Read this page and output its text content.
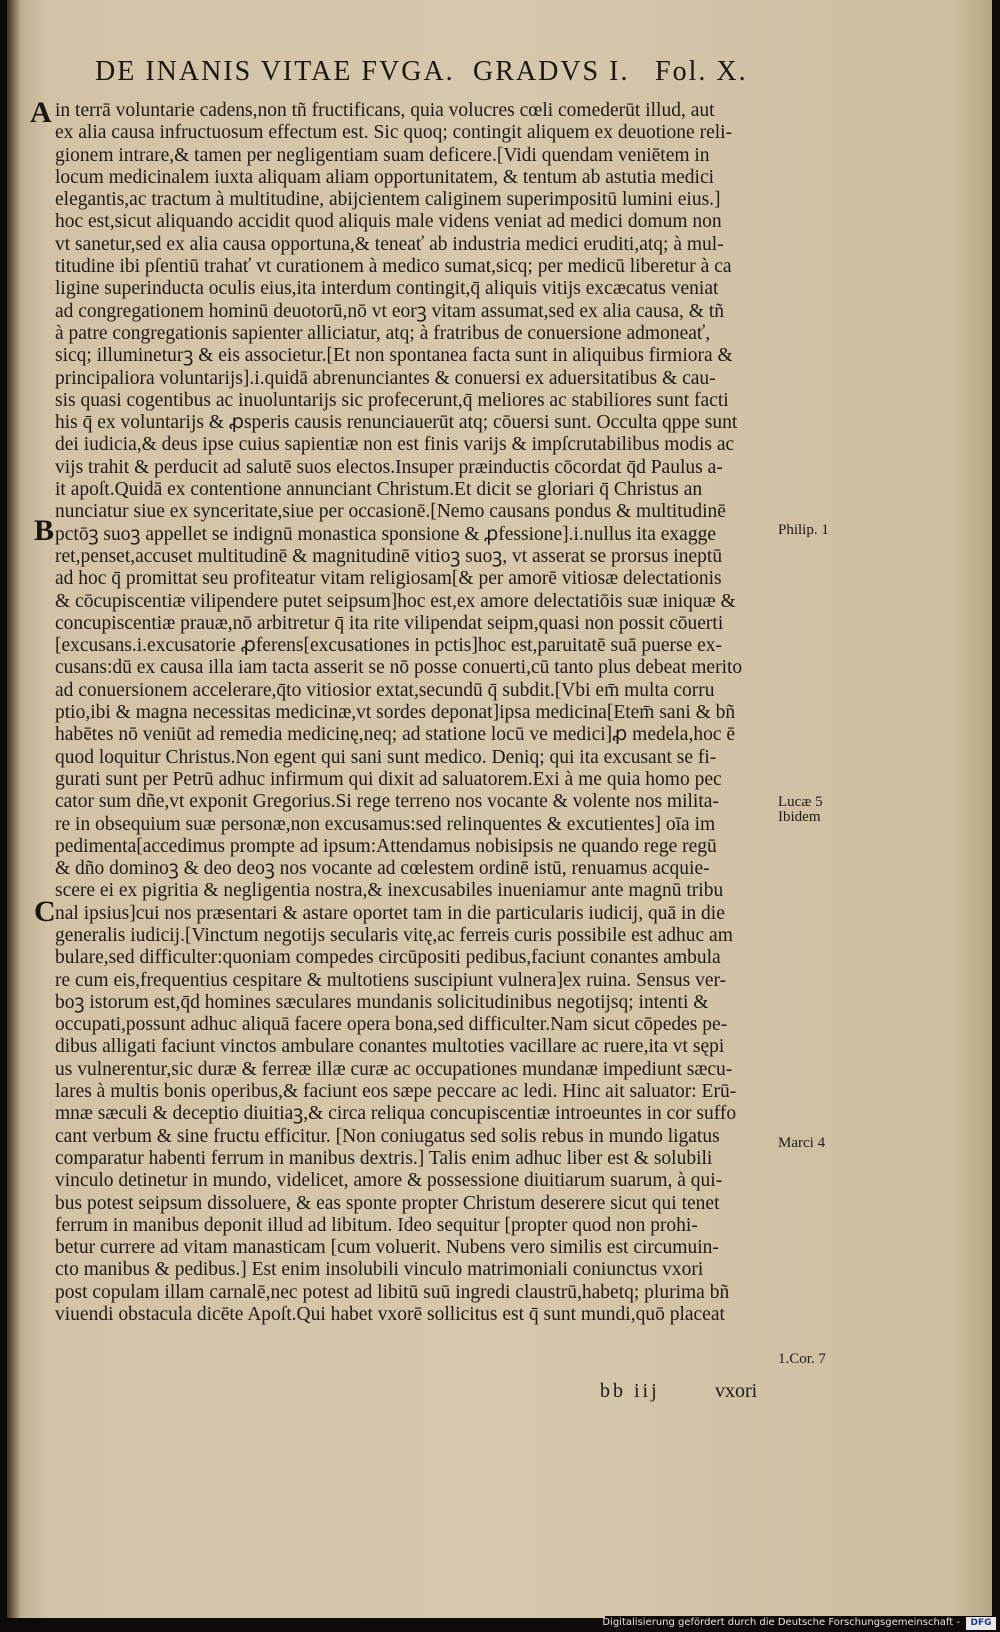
DE INANIS VITAE FVGA. GRADVS I. Fol. X.
A
B
C
in terrā voluntarie cadens,non tñ fructificans, quia volucres cœli comederūt illud, aut
ex alia causa infructuosum effectum est. Sic quoq; contingit aliquem ex deuotione reli-
gionem intrare,& tamen per negligentiam suam deficere.[Vidi quendam veniētem in
locum medicinalem iuxta aliquam aliam opportunitatem, & tentum ab astutia medici
elegantis,ac tractum à multitudine, abijcientem caliginem superimpositū lumini eius.]
hoc est,sicut aliquando accidit quod aliquis male videns veniat ad medici domum non
vt sanetur,sed ex alia causa opportuna,& teneať ab industria medici eruditi,atq; à mul-
titudine ibi pſentiū trahať vt curationem à medico sumat,sicq; per medicū liberetur à ca
ligine superinducta oculis eius,ita interdum contingit,q̄ aliquis vitijs excæcatus veniat
ad congregationem hominū deuotorū,nō vt eorꝫ vitam assumat,sed ex alia causa, & tñ
à patre congregationis sapienter alliciatur, atq; à fratribus de conuersione admoneať,
sicq; illumineturꝫ & eis associetur.[Et non spontanea facta sunt in aliquibus firmiora &
principaliora voluntarijs].i.quidā abrenunciantes & conuersi ex aduersitatibus & cau-
sis quasi cogentibus ac inuoluntarijs sic profecerunt,q̄ meliores ac stabiliores sunt facti
his q̄ ex voluntarijs & ꝓsperis causis renunciauerūt atq; cōuersi sunt. Occulta qppe sunt
dei iudicia,& deus ipse cuius sapientiæ non est finis varijs & impſcrutabilibus modis ac
vijs trahit & perducit ad salutē suos electos.Insuper præinductis cōcordat q̄d Paulus a-
it apoſt.Quidā ex contentione annunciant Christum.Et dicit se gloriari q̄ Christus an
nunciatur siue ex synceritate,siue per occasionē.[Nemo causans pondus & multitudinē
pctōꝫ suoꝫ appellet se indignū monastica sponsione & ꝓfessione].i.nullus ita exagge
ret,penset,accuset multitudinē & magnitudinē vitioꝫ suoꝫ, vt asserat se prorsus ineptū
ad hoc q̄ promittat seu profiteatur vitam religiosam[& per amorē vitiosæ delectationis
& cōcupiscentiæ vilipendere putet seipsum]hoc est,ex amore delectatiōis suæ iniquæ &
concupiscentiæ prauæ,nō arbitretur q̄ ita rite vilipendat seipm,quasi non possit cōuerti
[excusans.i.excusatorie ꝓferens[excusationes in pctis]hoc est,paruitatē suā puerse ex-
cusans:dū ex causa illa iam tacta asserit se nō posse conuerti,cū tanto plus debeat merito
ad conuersionem accelerare,q̄to vitiosior extat,secundū q̄ subdit.[Vbi em̄ multa corru
ptio,ibi & magna necessitas medicinæ,vt sordes deponat]ipsa medicina[Etem̄ sani & bñ
habētes nō veniūt ad remedia medicinę,neq; ad statione locū ve medici]ꝓ medela,hoc ē
quod loquitur Christus.Non egent qui sani sunt medico. Deniq; qui ita excusant se fi-
gurati sunt per Petrū adhuc infirmum qui dixit ad saluatorem.Exi à me quia homo pec
cator sum dñe,vt exponit Gregorius.Si rege terreno nos vocante & volente nos milita-
re in obsequium suæ personæ,non excusamus:sed relinquentes & excutientes] oīa im
pedimenta[accedimus prompte ad ipsum:Attendamus nobisipsis ne quando rege regū
& dño dominoꝫ & deo deoꝫ nos vocante ad cœlestem ordinē istū, renuamus acquie-
scere ei ex pigritia & negligentia nostra,& inexcusabiles inueniamur ante magnū tribu
nal ipsius]cui nos præsentari & astare oportet tam in die particularis iudicij, quā in die
generalis iudicij.[Vinctum negotijs secularis vitę,ac ferreis curis possibile est adhuc am
bulare,sed difficulter:quoniam compedes circūpositi pedibus,faciunt conantes ambula
re cum eis,frequentius cespitare & multotiens suscipiunt vulnera]ex ruina. Sensus ver-
boꝫ istorum est,q̄d homines sæculares mundanis solicitudinibus negotijsq; intenti &
occupati,possunt adhuc aliquā facere opera bona,sed difficulter.Nam sicut cōpedes pe-
dibus alligati faciunt vinctos ambulare conantes multoties vacillare ac ruere,ita vt sępi
us vulnerentur,sic duræ & ferreæ illæ curæ ac occupationes mundanæ impediunt sæcu-
lares à multis bonis operibus,& faciunt eos sæpe peccare ac ledi. Hinc ait saluator: Erū-
mnæ sæculi & deceptio diuitiaꝫ,& circa reliqua concupiscentiæ introeuntes in cor suffo
cant verbum & sine fructu efficitur. [Non coniugatus sed solis rebus in mundo ligatus
comparatur habenti ferrum in manibus dextris.] Talis enim adhuc liber est & solubili
vinculo detinetur in mundo, videlicet, amore & possessione diuitiarum suarum, à qui-
bus potest seipsum dissoluere, & eas sponte propter Christum deserere sicut qui tenet
ferrum in manibus deponit illud ad libitum. Ideo sequitur [propter quod non prohi-
betur currere ad vitam manasticam [cum voluerit. Nubens vero similis est circumuin-
cto manibus & pedibus.] Est enim insolubili vinculo matrimoniali coniunctus vxori
post copulam illam carnalē,nec potest ad libitū suū ingredi claustrū,habetq; plurima bñ
viuendi obstacula dicēte Apoſt.Qui habet vxorē sollicitus est q̄ sunt mundi,quō placeat
Philip. 1
Lucæ 5 Ibidem
Marci 4
1.Cor. 7
bb iij	vxori
Digitalisierung gefördert durch die Deutsche Forschungsgemeinschaft -	DFG
